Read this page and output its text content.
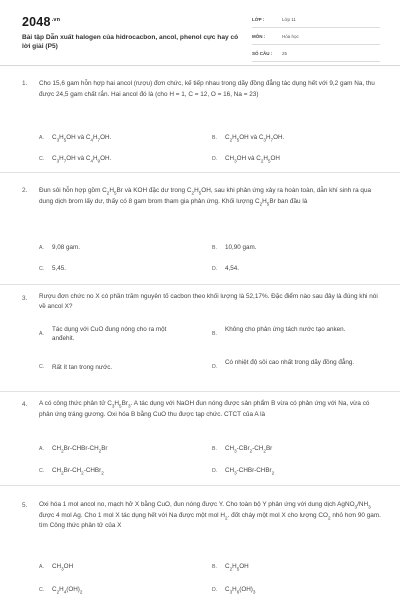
$2048^{.vn}$
Bài tập Dẫn xuất halogen của hidrocacbon, ancol, phenol cực hay có lời giải (P5)
LỚP :	Lớp 11
MÔN :	Hóa học
SỐ CÂU :	25
1. Cho 15,6 gam hỗn hợp hai ancol (rượu) đơn chức, kế tiếp nhau trong dãy đồng đẳng tác dụng hết với 9,2 gam Na, thu được 24,5 gam chất rắn. Hai ancol đó là (cho H = 1, C = 12, O = 16, Na = 23)
A. $C_3H_5OH$ và $C_4H_7OH$.	B. $C_2H_5OH$ và $C_3H_7OH$.
C. $C_3H_7OH$ và $C_4H_9OH$.	D. $CH_3OH$ và $C_2H_5OH$
2. Đun sôi hỗn hợp gồm $C_2H_5Br$ và KOH đặc dư trong $C_2H_5OH$, sau khi phản ứng xảy ra hoàn toàn, dẫn khí sinh ra qua dung dịch brom lấy dư, thấy có 8 gam brom tham gia phản ứng. Khối lượng $C_2H_5Br$ ban đầu là
A. 9,08 gam.	B. 10,90 gam.
C. 5,45.	D. 4,54.
3. Rượu đơn chức no X có phần trăm nguyên tố cacbon theo khối lượng là 52,17%. Đặc điểm nào sau đây là đúng khi nói về ancol X?
A.
Tác dụng với CuO đung nóng cho ra một anđehit.
B.
Không cho phản ứng tách nước tạo anken.
C. Rất ít tan trong nước.	D.
Có nhiệt độ sôi cao nhất trong dãy đồng đẳng.
4. A có công thức phân tử $C_3H_5Br_3$. A tác dụng với NaOH đun nóng được sản phẩm B vừa có phản ứng với Na, vừa có phản ứng tráng gương. Oxi hóa B bằng CuO thu được tạp chức. CTCT của A là
A. $CH_2Br-CHBr-CH_2Br$	B. $CH_3-CBr_2-CH_2Br$
C. $CH_2Br-CH_2-CHBr_2$	D. $CH_3-CHBr-CHBr_2$
5. Oxi hóa 1 mol ancol no, mạch hở X bằng CuO, đun nóng được Y. Cho toàn bộ Y phản ứng với dung dịch $AgNO_3/NH_3$ được 4 mol Ag. Cho 1 mol X tác dụng hết với Na được một mol $H_2$. đốt cháy một mol X cho lượng $CO_2$ nhỏ hơn 90 gam. tìm Công thức phân tử của X
A. $CH_3OH$	B. $C_2H_5OH$
C. $C_2H_4(OH)_2$	D. $C_3H_6(OH)_3$
